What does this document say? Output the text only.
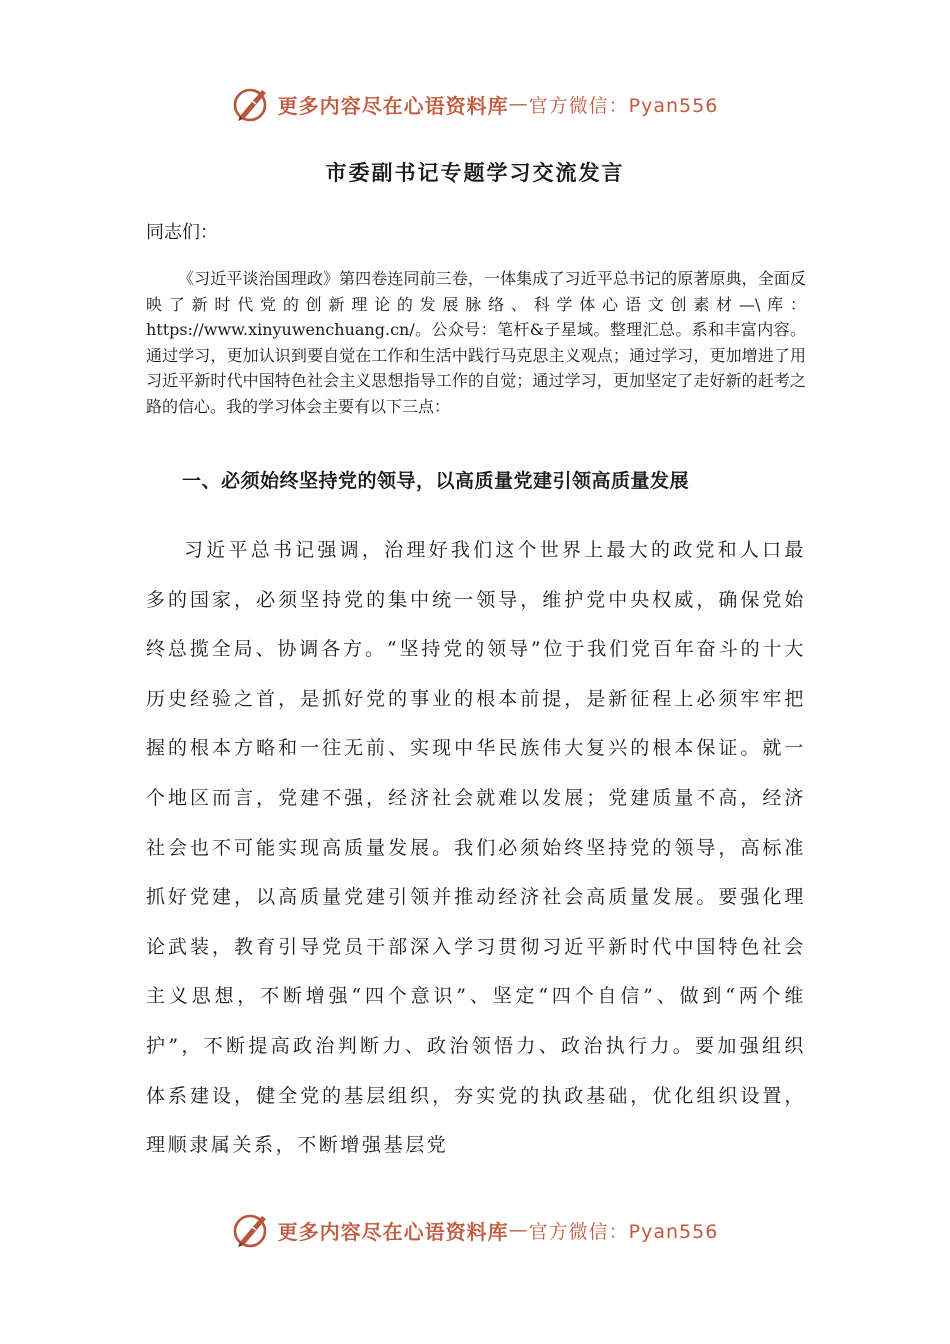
更多内容尽在心语资料库 — 官方微信：Pyan556
市委副书记专题学习交流发言
同志们：
《习近平谈治国理政》第四卷连同前三卷，一体集成了习近平总书记的原著原典，全面反映了新时代党的创新理论的发展脉络、科学体心语文创素材—\库：https://www.xinyuwenchuang.cn/。公众号：笔杆&子星域。整理汇总。系和丰富内容。通过学习，更加认识到要自觉在工作和生活中践行马克思主义观点；通过学习，更加增进了用习近平新时代中国特色社会主义思想指导工作的自觉；通过学习，更加坚定了走好新的赶考之路的信心。我的学习体会主要有以下三点：
一、必须始终坚持党的领导，以高质量党建引领高质量发展
习近平总书记强调，治理好我们这个世界上最大的政党和人口最多的国家，必须坚持党的集中统一领导，维护党中央权威，确保党始终总揽全局、协调各方。“坚持党的领导”位于我们党百年奋斗的十大历史经验之首，是抓好党的事业的根本前提，是新征程上必须牢牢把握的根本方略和一往无前、实现中华民族伟大复兴的根本保证。就一个地区而言，党建不强，经济社会就难以发展；党建质量不高，经济社会也不可能实现高质量发展。我们必须始终坚持党的领导，高标准抓好党建，以高质量党建引领并推动经济社会高质量发展。要强化理论武装，教育引导党员干部深入学习贯彻习近平新时代中国特色社会主义思想，不断增强“四个意识”、坚定“四个自信”、做到“两个维护”，不断提高政治判断力、政治领悟力、政治执行力。要加强组织体系建设，健全党的基层组织，夯实党的执政基础，优化组织设置，理顺隶属关系，不断增强基层党
更多内容尽在心语资料库 — 官方微信：Pyan556
